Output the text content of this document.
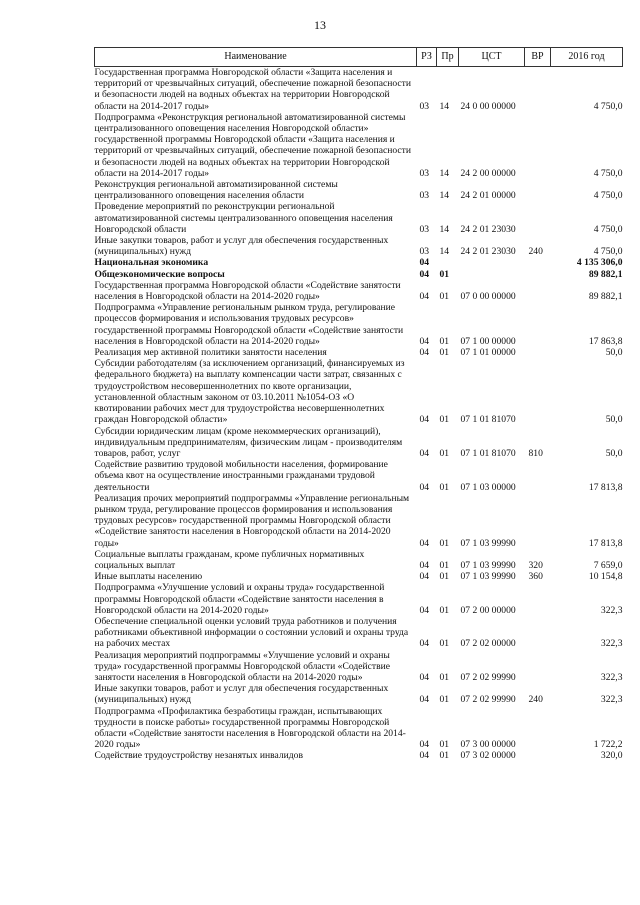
13
Наименование	РЗ	Пр	ЦСТ	ВР	2016 год
Государственная программа Новгородской области «Защита населения и территорий от чрезвычайных ситуаций, обеспечение пожарной безопасности и безопасности людей на водных объектах на территории Новгородской области на 2014-2017 годы»	03	14	24 0 00 00000		4 750,0
Подпрограмма «Реконструкция региональной автоматизированной системы централизованного оповещения населения Новгородской области» государственной программы Новгородской области «Защита населения и территорий от чрезвычайных ситуаций, обеспечение пожарной безопасности и безопасности людей на водных объектах на территории Новгородской области на 2014-2017 годы»	03	14	24 2 00 00000		4 750,0
Реконструкция региональной автоматизированной системы централизованного оповещения населения области	03	14	24 2 01 00000		4 750,0
Проведение мероприятий по реконструкции региональной автоматизированной системы централизованного оповещения населения Новгородской области	03	14	24 2 01 23030		4 750,0
Иные закупки товаров, работ и услуг для обеспечения государственных (муниципальных) нужд	03	14	24 2 01 23030	240	4 750,0
Национальная экономика	04				4 135 306,0
Общеэкономические вопросы	04	01			89 882,1
Государственная программа Новгородской области «Содействие занятости населения в Новгородской области на 2014-2020 годы»	04	01	07 0 00 00000		89 882,1
Подпрограмма «Управление региональным рынком труда, регулирование процессов формирования и использования трудовых ресурсов» государственной программы Новгородской области «Содействие занятости населения в Новгородской области на 2014-2020 годы»	04	01	07 1 00 00000		17 863,8
Реализация мер активной политики занятости населения	04	01	07 1 01 00000		50,0
Субсидии работодателям (за исключением организаций, финансируемых из федерального бюджета) на выплату компенсации части затрат, связанных с трудоустройством несовершеннолетних по квоте организации, установленной областным законом от 03.10.2011 №1054-ОЗ «О квотировании рабочих мест для трудоустройства несовершеннолетних граждан Новгородской области»	04	01	07 1 01 81070		50,0
Субсидии юридическим лицам (кроме некоммерческих организаций), индивидуальным предпринимателям, физическим лицам - производителям товаров, работ, услуг	04	01	07 1 01 81070	810	50,0
Содействие развитию трудовой мобильности населения, формирование объема квот на осуществление иностранными гражданами трудовой деятельности	04	01	07 1 03 00000		17 813,8
Реализация прочих мероприятий подпрограммы «Управление региональным рынком труда, регулирование процессов формирования и использования трудовых ресурсов» государственной программы Новгородской области «Содействие занятости населения в Новгородской области на 2014-2020 годы»	04	01	07 1 03 99990		17 813,8
Социальные выплаты гражданам, кроме публичных нормативных социальных выплат	04	01	07 1 03 99990	320	7 659,0
Иные выплаты населению	04	01	07 1 03 99990	360	10 154,8
Подпрограмма «Улучшение условий и охраны труда» государственной программы Новгородской области «Содействие занятости населения в Новгородской области на 2014-2020 годы»	04	01	07 2 00 00000		322,3
Обеспечение специальной оценки условий труда работников и получения работниками объективной информации о состоянии условий и охраны труда на рабочих местах	04	01	07 2 02 00000		322,3
Реализация мероприятий подпрограммы «Улучшение условий и охраны труда» государственной программы Новгородской области «Содействие занятости населения в Новгородской области на 2014-2020 годы»	04	01	07 2 02 99990		322,3
Иные закупки товаров, работ и услуг для обеспечения государственных (муниципальных) нужд	04	01	07 2 02 99990	240	322,3
Подпрограмма «Профилактика безработицы граждан, испытывающих трудности в поиске работы» государственной программы Новгородской области «Содействие занятости населения в Новгородской области на 2014-2020 годы»	04	01	07 3 00 00000		1 722,2
Содействие трудоустройству незанятых инвалидов	04	01	07 3 02 00000		320,0
